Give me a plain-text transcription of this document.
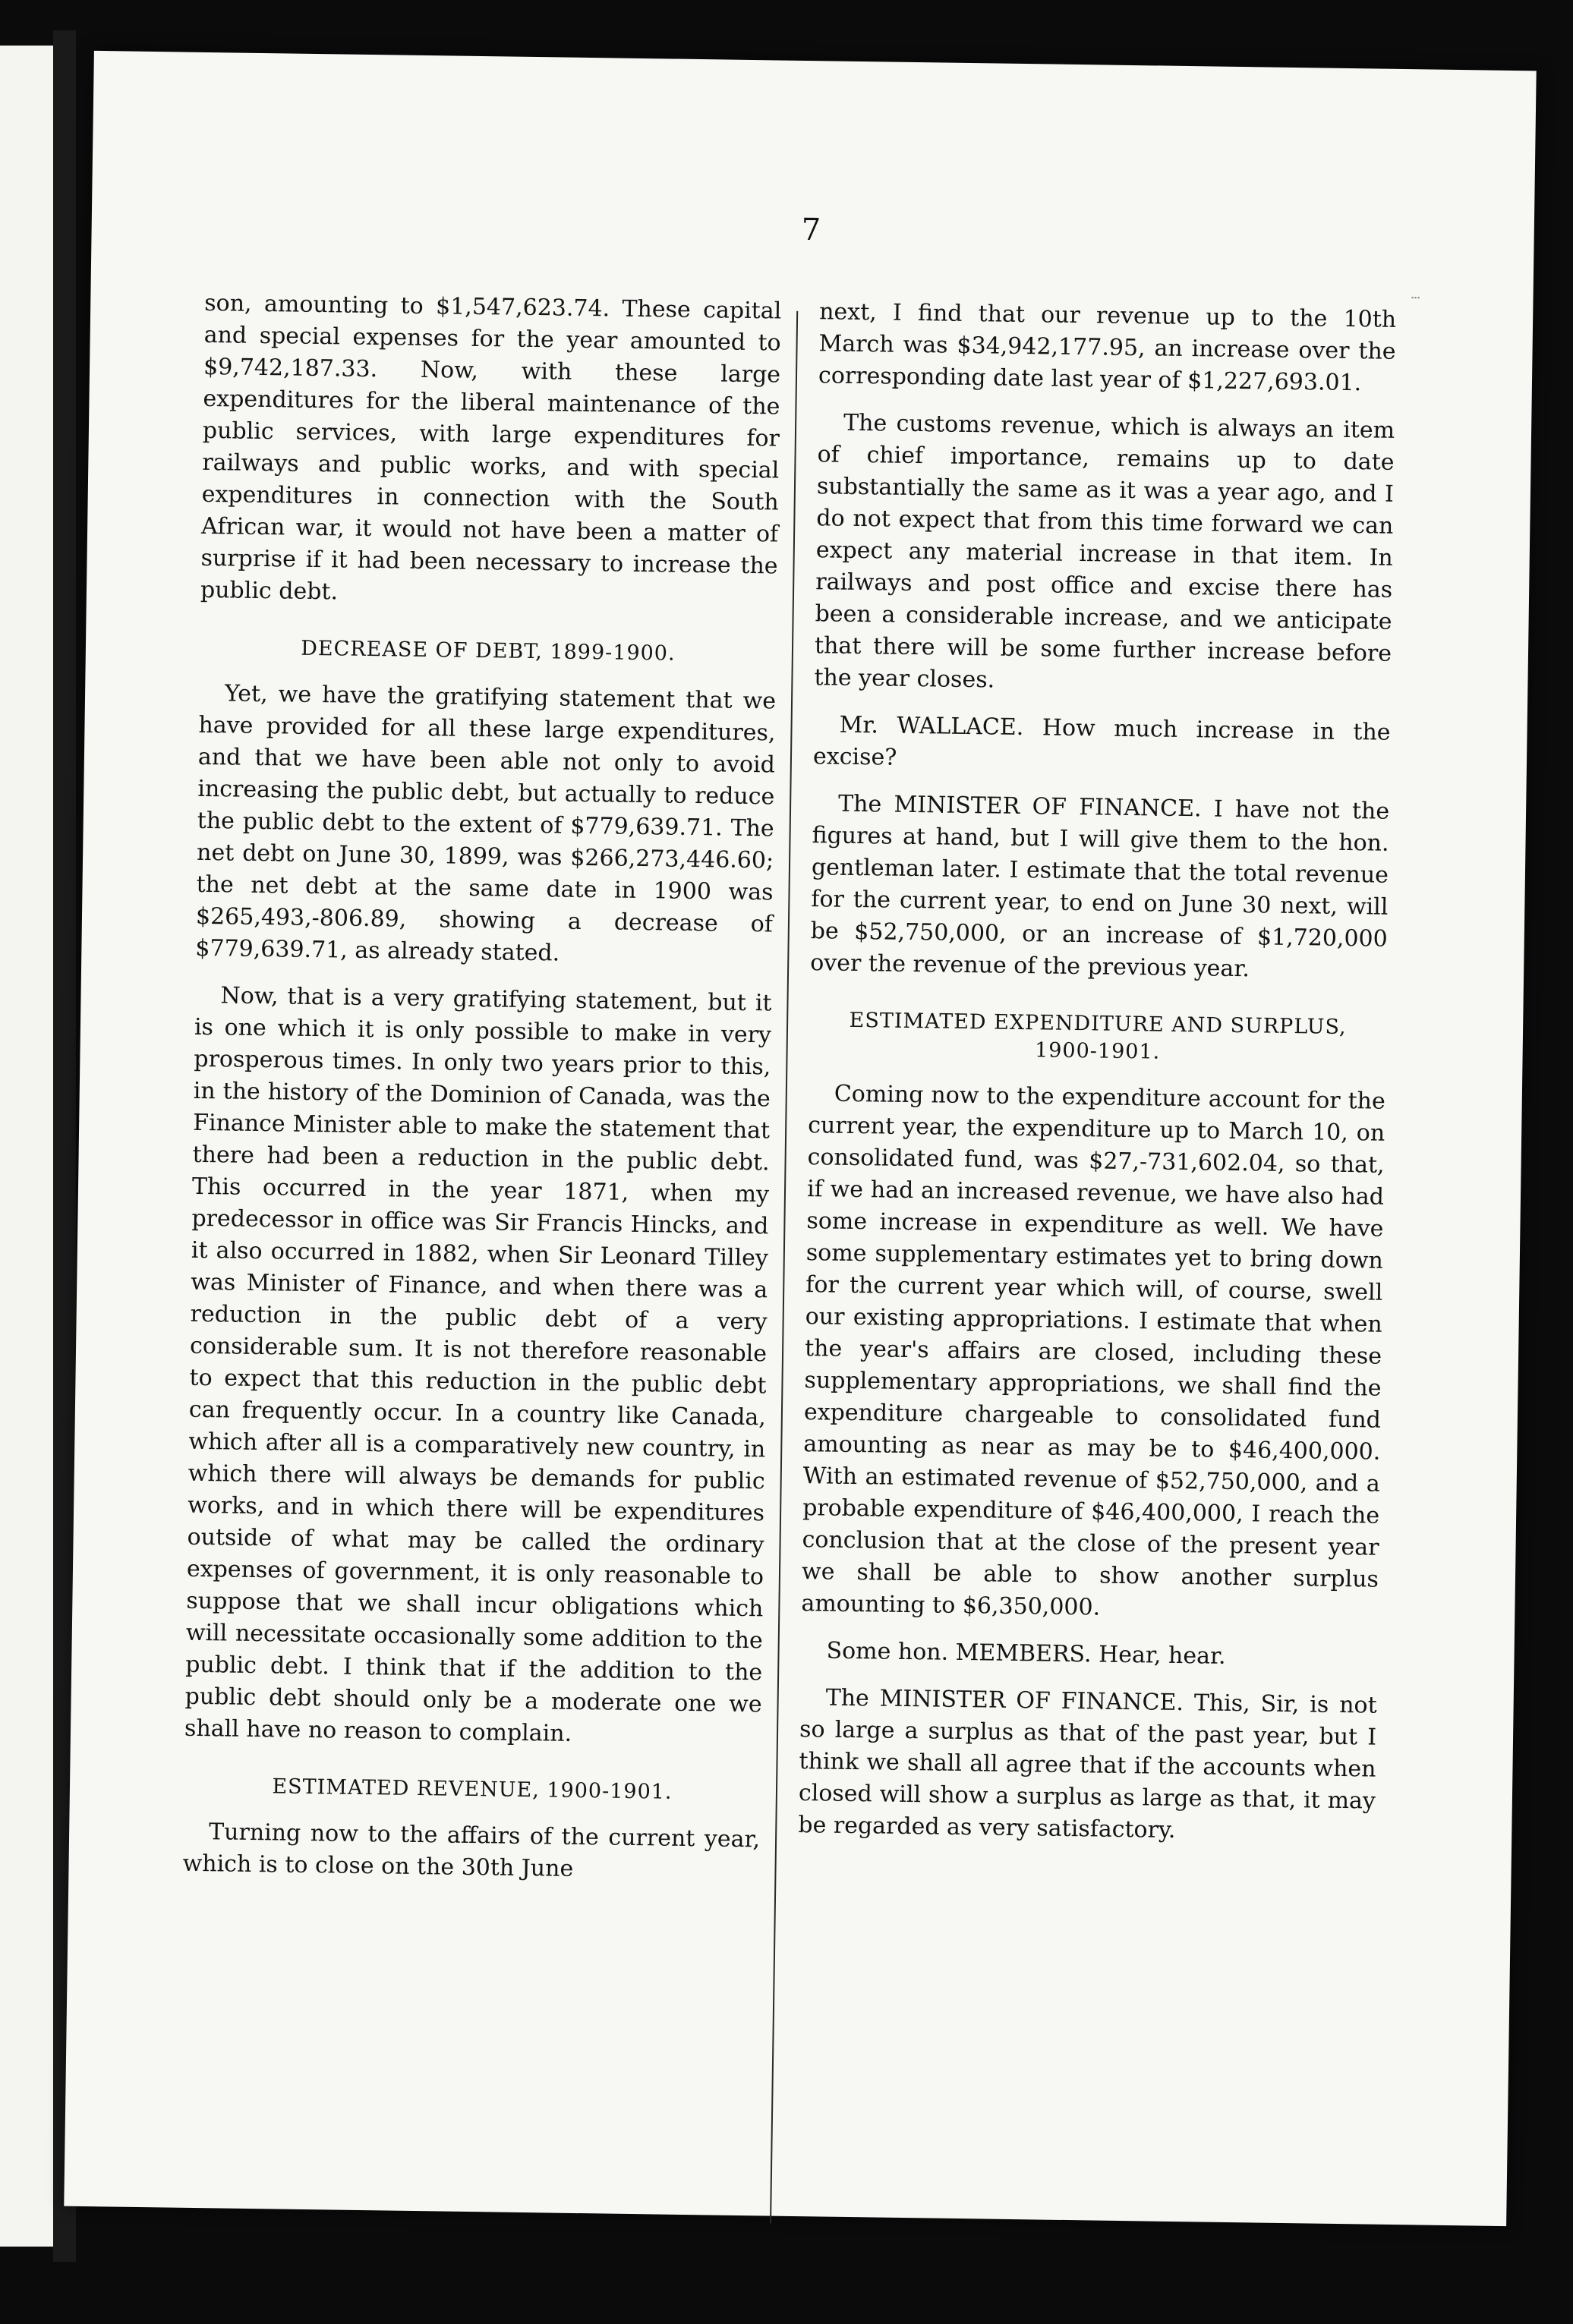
7

son, amounting to $1,547,623.74. These capital and special expenses for the year amounted to $9,742,187.33. Now, with these large expenditures for the liberal maintenance of the public services, with large expenditures for railways and public works, and with special expenditures in connection with the South African war, it would not have been a matter of surprise if it had been necessary to increase the public debt.

DECREASE OF DEBT, 1899-1900.

Yet, we have the gratifying statement that we have provided for all these large expenditures, and that we have been able not only to avoid increasing the public debt, but actually to reduce the public debt to the extent of $779,639.71. The net debt on June 30, 1899, was $266,273,446.60; the net debt at the same date in 1900 was $265,493,-806.89, showing a decrease of $779,639.71, as already stated.

Now, that is a very gratifying statement, but it is one which it is only possible to make in very prosperous times. In only two years prior to this, in the history of the Dominion of Canada, was the Finance Minister able to make the statement that there had been a reduction in the public debt. This occurred in the year 1871, when my predecessor in office was Sir Francis Hincks, and it also occurred in 1882, when Sir Leonard Tilley was Minister of Finance, and when there was a reduction in the public debt of a very considerable sum. It is not therefore reasonable to expect that this reduction in the public debt can frequently occur. In a country like Canada, which after all is a comparatively new country, in which there will always be demands for public works, and in which there will be expenditures outside of what may be called the ordinary expenses of government, it is only reasonable to suppose that we shall incur obligations which will necessitate occasionally some addition to the public debt. I think that if the addition to the public debt should only be a moderate one we shall have no reason to complain.

ESTIMATED REVENUE, 1900-1901.

Turning now to the affairs of the current year, which is to close on the 30th June

next, I find that our revenue up to the 10th March was $34,942,177.95, an increase over the corresponding date last year of $1,227,693.01.

The customs revenue, which is always an item of chief importance, remains up to date substantially the same as it was a year ago, and I do not expect that from this time forward we can expect any material increase in that item. In railways and post office and excise there has been a considerable increase, and we anticipate that there will be some further increase before the year closes.

Mr. WALLACE. How much increase in the excise?

The MINISTER OF FINANCE. I have not the figures at hand, but I will give them to the hon. gentleman later. I estimate that the total revenue for the current year, to end on June 30 next, will be $52,750,000, or an increase of $1,720,000 over the revenue of the previous year.

ESTIMATED EXPENDITURE AND SURPLUS,
1900-1901.

Coming now to the expenditure account for the current year, the expenditure up to March 10, on consolidated fund, was $27,-731,602.04, so that, if we had an increased revenue, we have also had some increase in expenditure as well. We have some supplementary estimates yet to bring down for the current year which will, of course, swell our existing appropriations. I estimate that when the year's affairs are closed, including these supplementary appropriations, we shall find the expenditure chargeable to consolidated fund amounting as near as may be to $46,400,000. With an estimated revenue of $52,750,000, and a probable expenditure of $46,400,000, I reach the conclusion that at the close of the present year we shall be able to show another surplus amounting to $6,350,000.

Some hon. MEMBERS. Hear, hear.

The MINISTER OF FINANCE. This, Sir, is not so large a surplus as that of the past year, but I think we shall all agree that if the accounts when closed will show a surplus as large as that, it may be regarded as very satisfactory.
